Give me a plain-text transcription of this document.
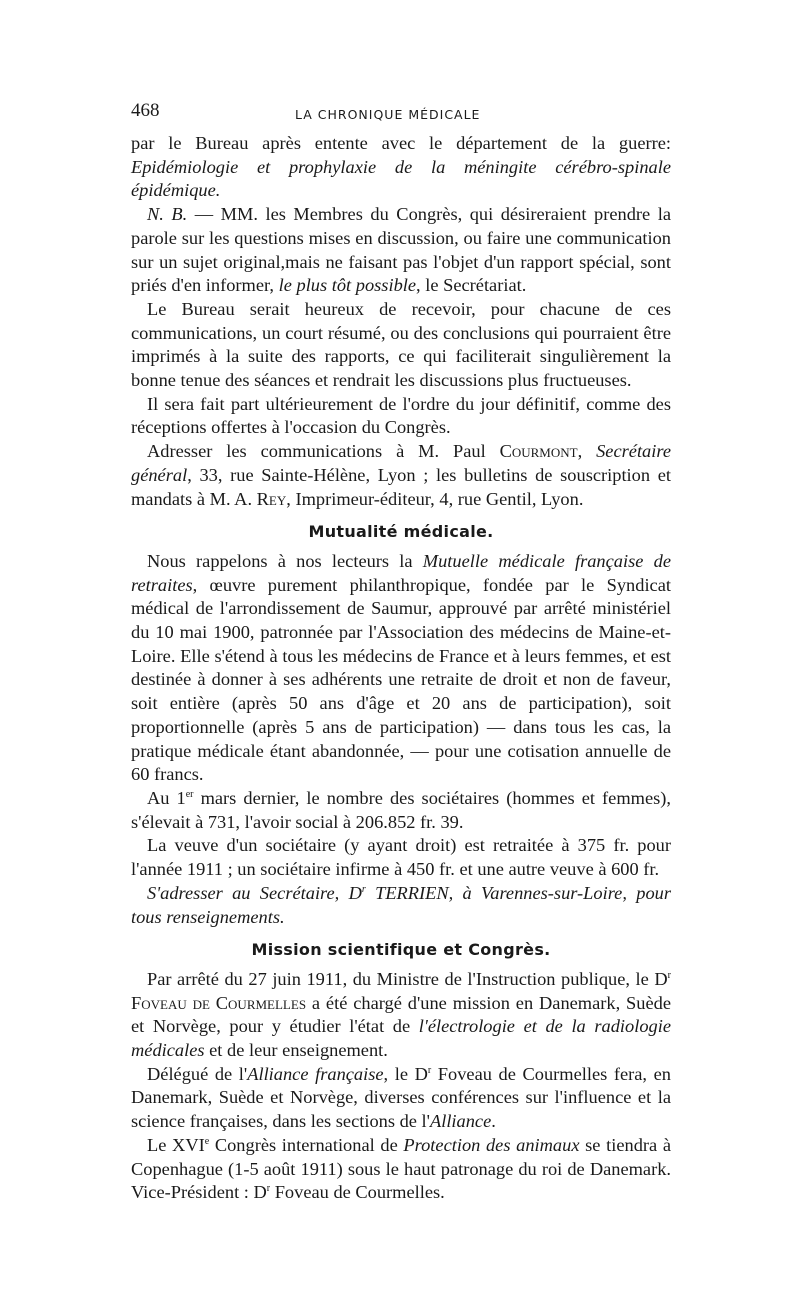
468	LA CHRONIQUE MÉDICALE

par le Bureau après entente avec le département de la guerre: Epidémiologie et prophylaxie de la méningite cérébro-spinale épidémique.

N. B. — MM. les Membres du Congrès, qui désireraient prendre la parole sur les questions mises en discussion, ou faire une communication sur un sujet original,mais ne faisant pas l'objet d'un rapport spécial, sont priés d'en informer, le plus tôt possible, le Secrétariat.

Le Bureau serait heureux de recevoir, pour chacune de ces communications, un court résumé, ou des conclusions qui pourraient être imprimés à la suite des rapports, ce qui faciliterait singulièrement la bonne tenue des séances et rendrait les discussions plus fructueuses.

Il sera fait part ultérieurement de l'ordre du jour définitif, comme des réceptions offertes à l'occasion du Congrès.

Adresser les communications à M. Paul Courmont, Secrétaire général, 33, rue Sainte-Hélène, Lyon ; les bulletins de souscription et mandats à M. A. Rey, Imprimeur-éditeur, 4, rue Gentil, Lyon.

Mutualité médicale.

Nous rappelons à nos lecteurs la Mutuelle médicale française de retraites, œuvre purement philanthropique, fondée par le Syndicat médical de l'arrondissement de Saumur, approuvé par arrêté ministériel du 10 mai 1900, patronnée par l'Association des médecins de Maine-et-Loire. Elle s'étend à tous les médecins de France et à leurs femmes, et est destinée à donner à ses adhérents une retraite de droit et non de faveur, soit entière (après 50 ans d'âge et 20 ans de participation), soit proportionnelle (après 5 ans de participation) — dans tous les cas, la pratique médicale étant abandonnée, — pour une cotisation annuelle de 60 francs.

Au 1er mars dernier, le nombre des sociétaires (hommes et femmes), s'élevait à 731, l'avoir social à 206.852 fr. 39.

La veuve d'un sociétaire (y ayant droit) est retraitée à 375 fr. pour l'année 1911 ; un sociétaire infirme à 450 fr. et une autre veuve à 600 fr.

S'adresser au Secrétaire, $D^r$ TERRIEN, à Varennes-sur-Loire, pour tous renseignements.

Mission scientifique et Congrès.

Par arrêté du 27 juin 1911, du Ministre de l'Instruction publique, le $D^r$ Foveau de Courmelles a été chargé d'une mission en Danemark, Suède et Norvège, pour y étudier l'état de l'électrologie et de la radiologie médicales et de leur enseignement.

Délégué de l'Alliance française, le $D^r$ Foveau de Courmelles fera, en Danemark, Suède et Norvège, diverses conférences sur l'influence et la science françaises, dans les sections de l'Alliance.

Le XVIe Congrès international de Protection des animaux se tiendra à Copenhague (1-5 août 1911) sous le haut patronage du roi de Danemark. Vice-Président : $D^r$ Foveau de Courmelles.
